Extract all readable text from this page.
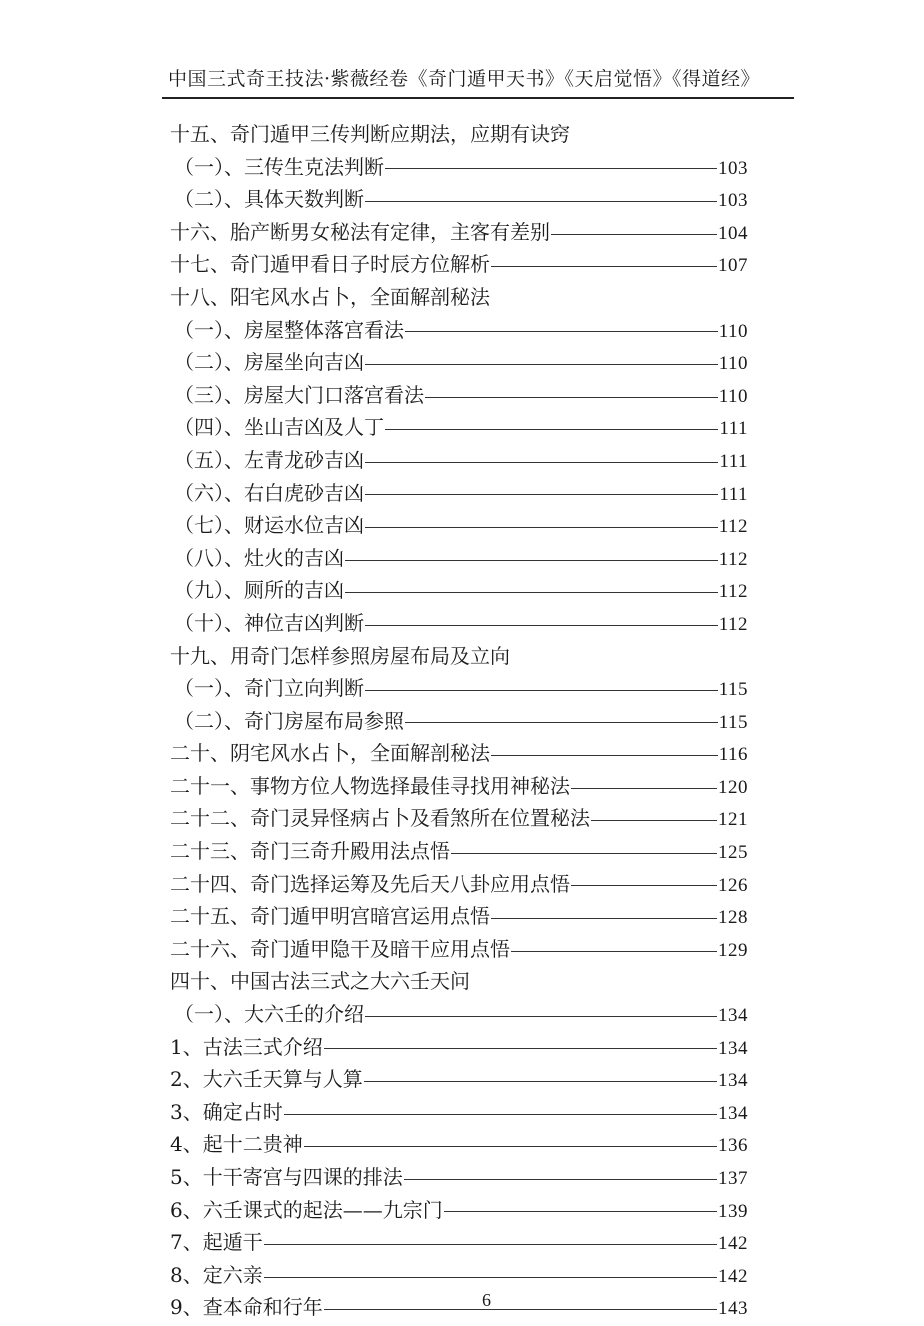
中国三式奇王技法·紫薇经卷《奇门遁甲天书》《天启觉悟》《得道经》
十五、奇门遁甲三传判断应期法，应期有诀窍
（一）、三传生克法判断	103
（二）、具体天数判断	103
十六、胎产断男女秘法有定律，主客有差别	104
十七、奇门遁甲看日子时辰方位解析	107
十八、阳宅风水占卜，全面解剖秘法
（一）、房屋整体落宫看法	110
（二）、房屋坐向吉凶	110
（三）、房屋大门口落宫看法	110
（四）、坐山吉凶及人丁	111
（五）、左青龙砂吉凶	111
（六）、右白虎砂吉凶	111
（七）、财运水位吉凶	112
（八）、灶火的吉凶	112
（九）、厕所的吉凶	112
（十）、神位吉凶判断	112
十九、用奇门怎样参照房屋布局及立向
（一）、奇门立向判断	115
（二）、奇门房屋布局参照	115
二十、阴宅风水占卜，全面解剖秘法	116
二十一、事物方位人物选择最佳寻找用神秘法	120
二十二、奇门灵异怪病占卜及看煞所在位置秘法	121
二十三、奇门三奇升殿用法点悟	125
二十四、奇门选择运筹及先后天八卦应用点悟	126
二十五、奇门遁甲明宫暗宫运用点悟	128
二十六、奇门遁甲隐干及暗干应用点悟	129
四十、中国古法三式之大六壬天问
（一）、大六壬的介绍	134
1、古法三式介绍	134
2、大六壬天算与人算	134
3、确定占时	134
4、起十二贵神	136
5、十干寄宫与四课的排法	137
6、六壬课式的起法——九宗门	139
7、起遁干	142
8、定六亲	142
9、查本命和行年	143
6
